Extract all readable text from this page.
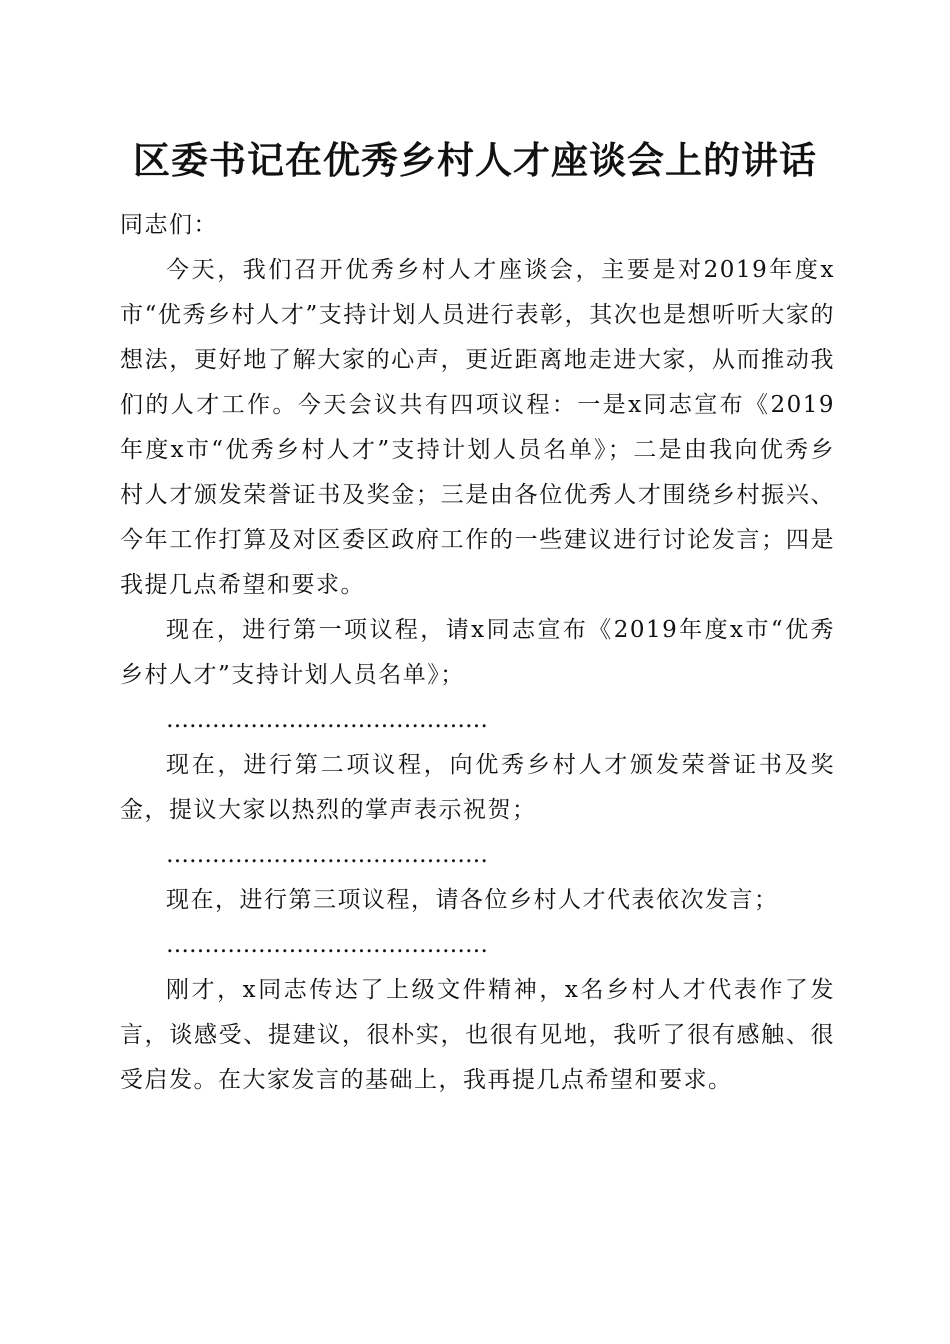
区委书记在优秀乡村人才座谈会上的讲话

同志们：

今天，我们召开优秀乡村人才座谈会，主要是对2019年度x市“优秀乡村人才”支持计划人员进行表彰，其次也是想听听大家的想法，更好地了解大家的心声，更近距离地走进大家，从而推动我们的人才工作。今天会议共有四项议程：一是x同志宣布《2019年度x市“优秀乡村人才”支持计划人员名单》；二是由我向优秀乡村人才颁发荣誉证书及奖金；三是由各位优秀人才围绕乡村振兴、今年工作打算及对区委区政府工作的一些建议进行讨论发言；四是我提几点希望和要求。

现在，进行第一项议程，请x同志宣布《2019年度x市“优秀乡村人才”支持计划人员名单》；

……………………………………

现在，进行第二项议程，向优秀乡村人才颁发荣誉证书及奖金，提议大家以热烈的掌声表示祝贺；

……………………………………

现在，进行第三项议程，请各位乡村人才代表依次发言；

……………………………………

刚才，x同志传达了上级文件精神，x名乡村人才代表作了发言，谈感受、提建议，很朴实，也很有见地，我听了很有感触、很受启发。在大家发言的基础上，我再提几点希望和要求。
